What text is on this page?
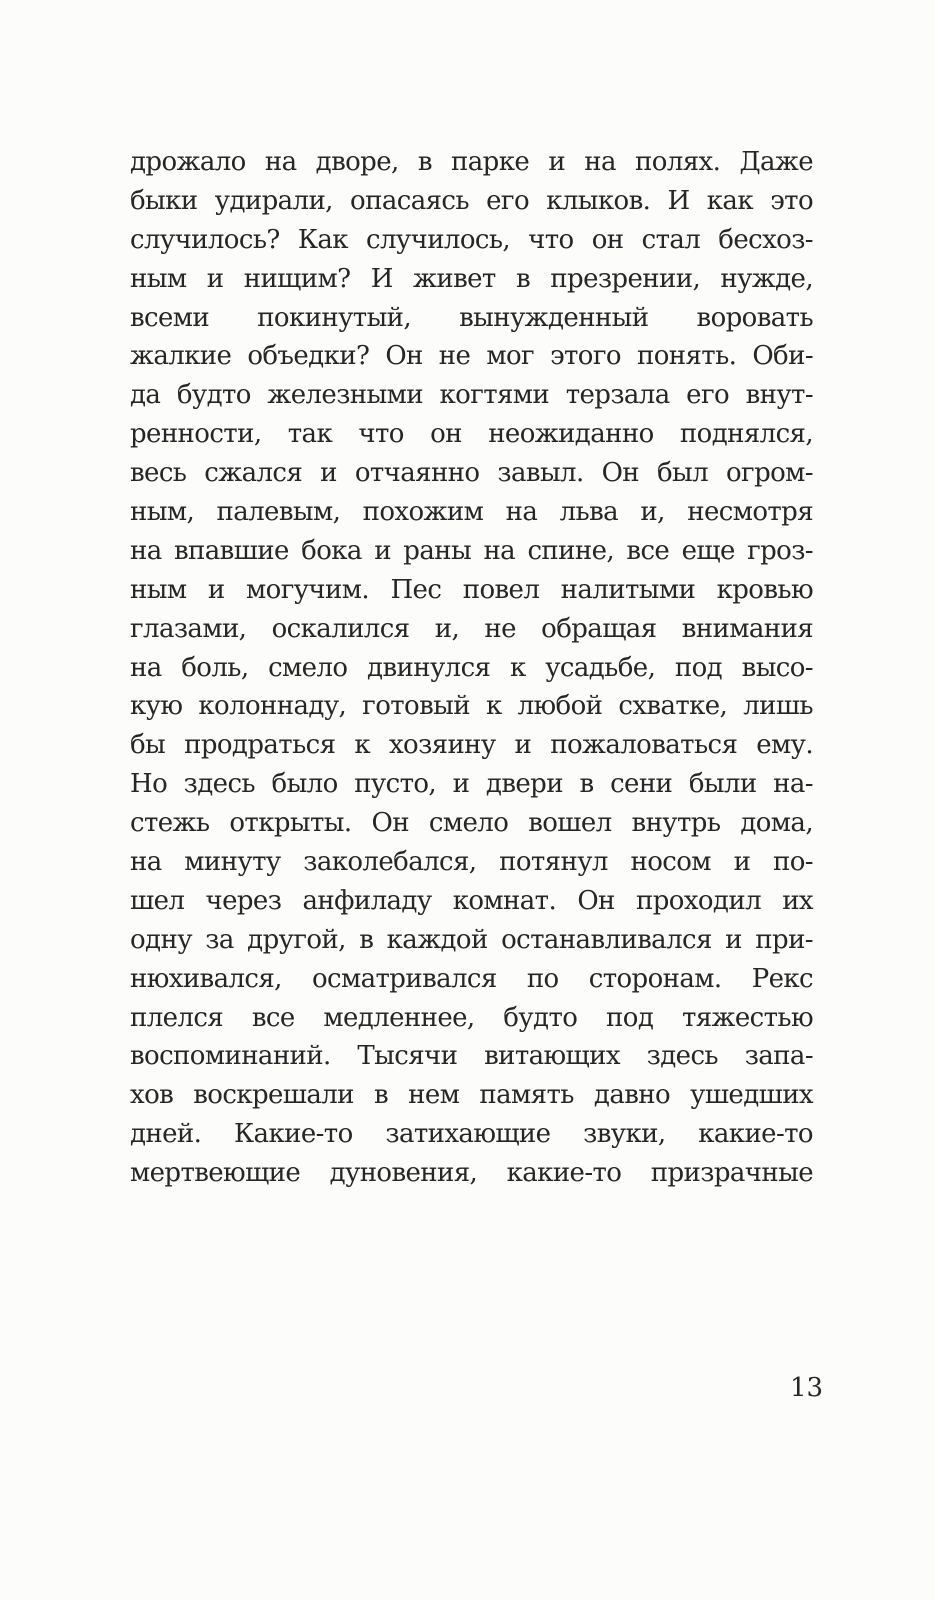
дрожало на дворе, в парке и на полях. Даже
быки удирали, опасаясь его клыков. И как это
случилось? Как случилось, что он стал бесхоз-
ным и нищим? И живет в презрении, нужде,
всеми покинутый, вынужденный воровать
жалкие объедки? Он не мог этого понять. Оби-
да будто железными когтями терзала его внут-
ренности, так что он неожиданно поднялся,
весь сжался и отчаянно завыл. Он был огром-
ным, палевым, похожим на льва и, несмотря
на впавшие бока и раны на спине, все еще гроз-
ным и могучим. Пес повел налитыми кровью
глазами, оскалился и, не обращая внимания
на боль, смело двинулся к усадьбе, под высо-
кую колоннаду, готовый к любой схватке, лишь
бы продраться к хозяину и пожаловаться ему.
Но здесь было пусто, и двери в сени были на-
стежь открыты. Он смело вошел внутрь дома,
на минуту заколебался, потянул носом и по-
шел через анфиладу комнат. Он проходил их
одну за другой, в каждой останавливался и при-
нюхивался, осматривался по сторонам. Рекс
плелся все медленнее, будто под тяжестью
воспоминаний. Тысячи витающих здесь запа-
хов воскрешали в нем память давно ушедших
дней. Какие-то затихающие звуки, какие-то
мертвеющие дуновения, какие-то призрачные
13
